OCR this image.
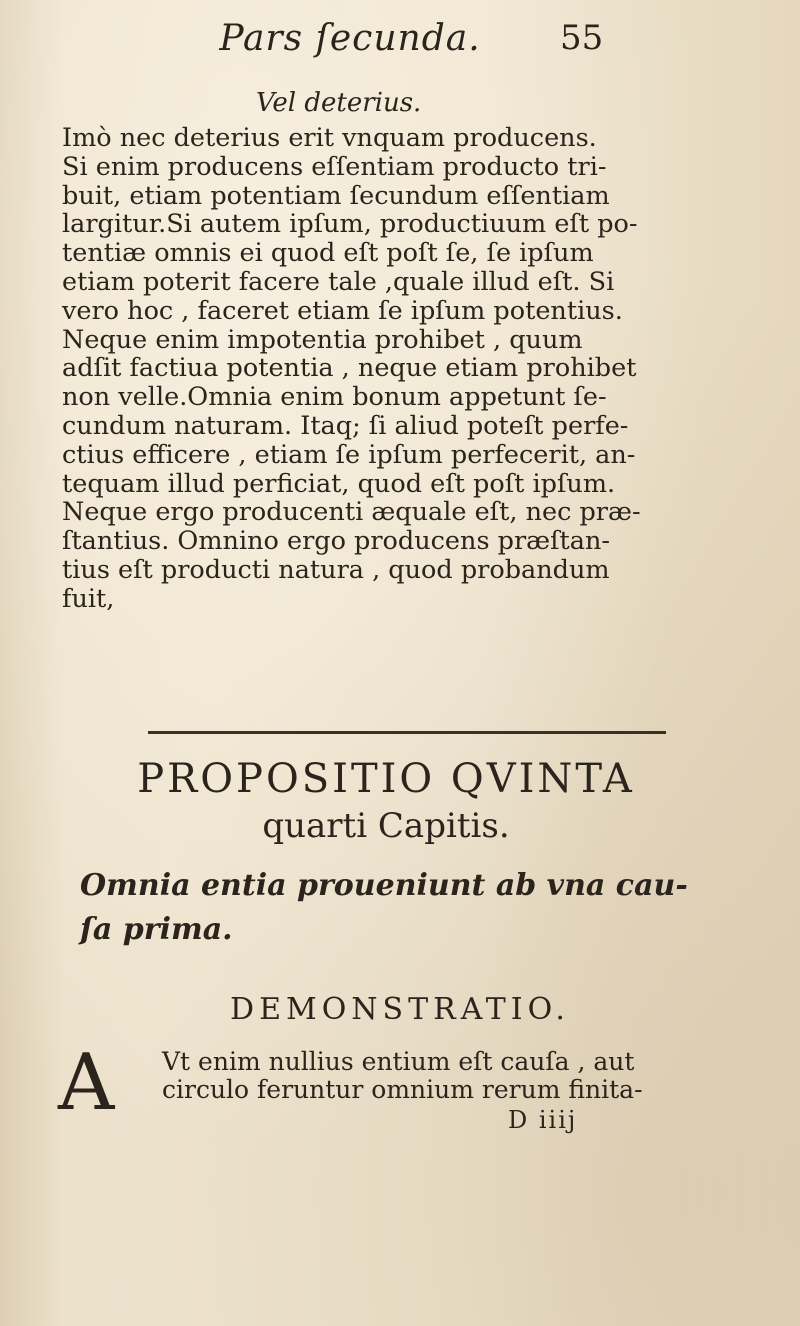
Pars ſecunda.	55
Vel deterius.
Imò nec deterius erit vnquam producens.
Si enim producens eſſentiam producto tri-
buit, etiam potentiam ſecundum eſſentiam
largitur.Si autem ipſum, productiuum eſt po-
tentiæ omnis ei quod eſt poſt ſe, ſe ipſum
etiam poterit facere tale ,quale illud eſt. Si
vero hoc , faceret etiam ſe ipſum potentius.
Neque enim impotentia prohibet , quum
adſit factiua potentia , neque etiam prohibet
non velle.Omnia enim bonum appetunt ſe-
cundum naturam. Itaq; ſi aliud poteſt perfe-
ctius efficere , etiam ſe ipſum perfecerit, an-
tequam illud perficiat, quod eſt poſt ipſum.
Neque ergo producenti æquale eſt, nec præ-
ſtantius. Omnino ergo producens præſtan-
tius eſt producti natura , quod probandum
fuit,
PROPOSITIO QVINTA
quarti Capitis.
Omnia entia proueniunt ab vna cau-
ſa prima.
DEMONSTRATIO.
A Vt enim nullius entium eſt cauſa , aut
circulo feruntur omnium rerum finita-
D iiij
